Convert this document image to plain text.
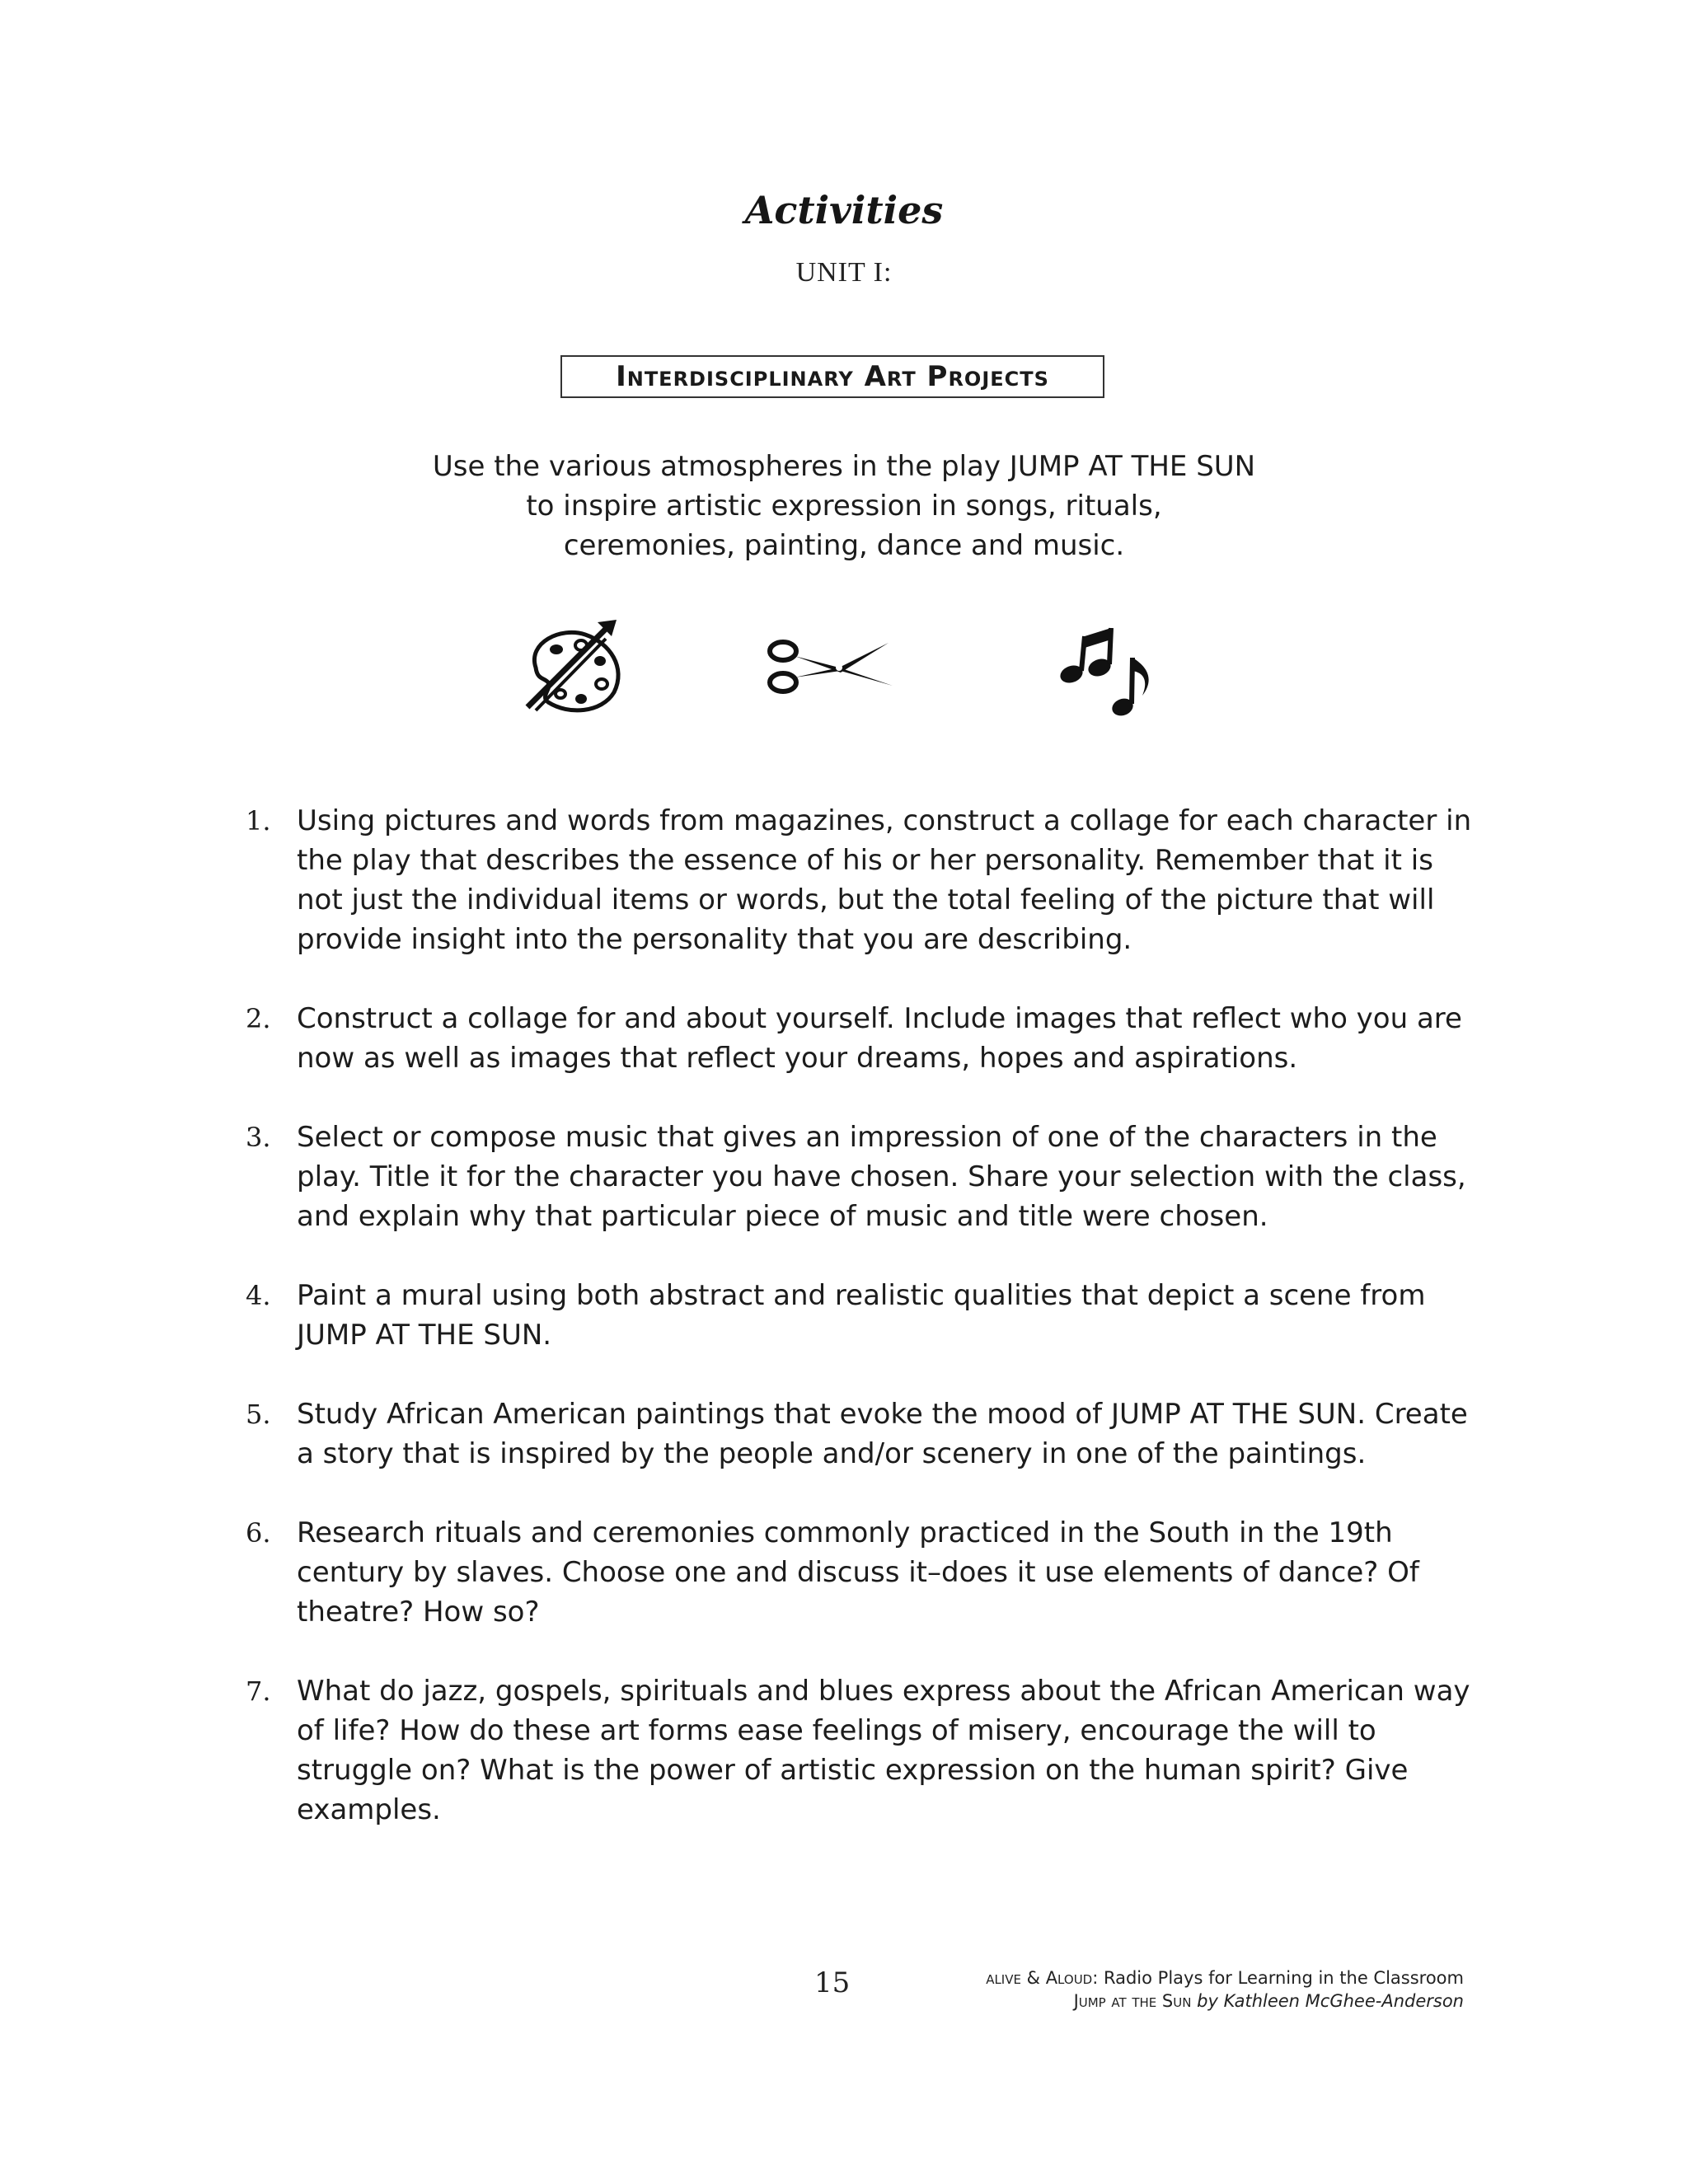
Activities
UNIT I:
Interdisciplinary Art Projects
Use the various atmospheres in the play JUMP AT THE SUN
to inspire artistic expression in songs, rituals,
ceremonies, painting, dance and music.
1. Using pictures and words from magazines, construct a collage for each character in the play that describes the essence of his or her personality. Remember that it is not just the individual items or words, but the total feeling of the picture that will provide insight into the personality that you are describing.
2. Construct a collage for and about yourself. Include images that reflect who you are now as well as images that reflect your dreams, hopes and aspirations.
3. Select or compose music that gives an impression of one of the characters in the play. Title it for the character you have chosen. Share your selection with the class, and explain why that particular piece of music and title were chosen.
4. Paint a mural using both abstract and realistic qualities that depict a scene from JUMP AT THE SUN.
5. Study African American paintings that evoke the mood of JUMP AT THE SUN. Create a story that is inspired by the people and/or scenery in one of the paintings.
6. Research rituals and ceremonies commonly practiced in the South in the 19th century by slaves. Choose one and discuss it–does it use elements of dance? Of theatre? How so?
7. What do jazz, gospels, spirituals and blues express about the African American way of life? How do these art forms ease feelings of misery, encourage the will to struggle on? What is the power of artistic expression on the human spirit? Give examples.
15	alive & Aloud: Radio Plays for Learning in the Classroom
Jump at the Sun by Kathleen McGhee-Anderson
